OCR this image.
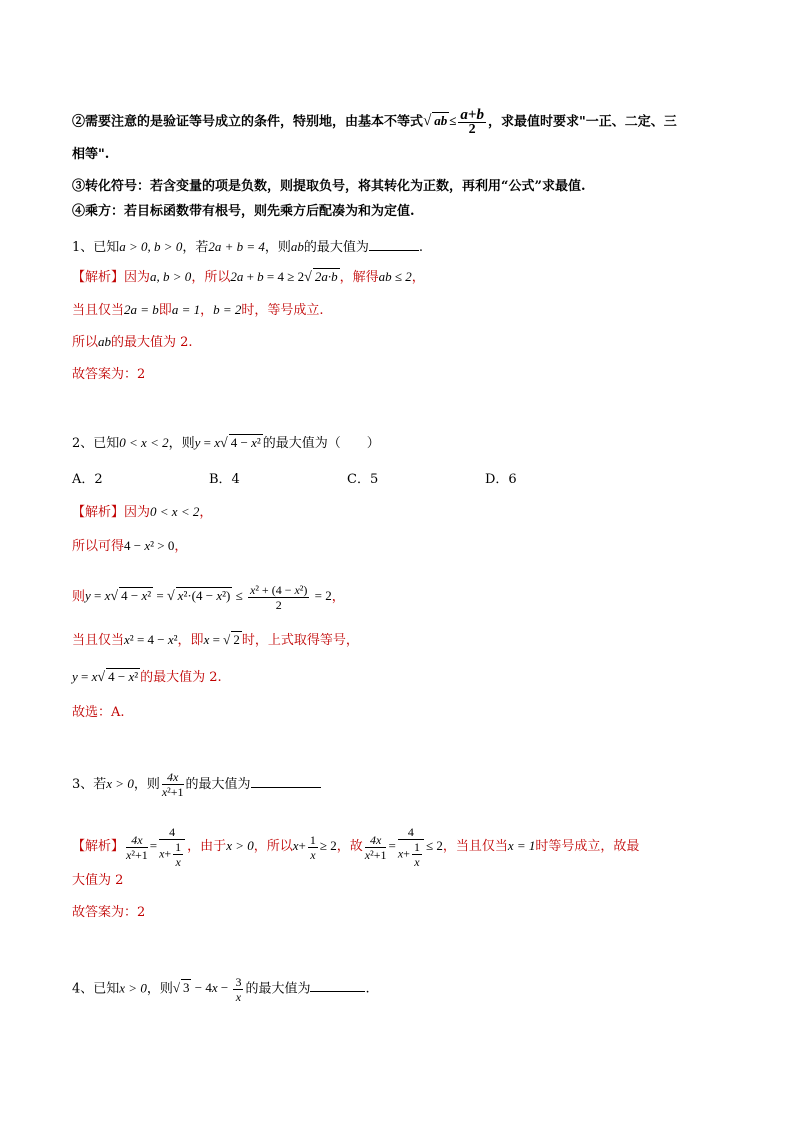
②需要注意的是验证等号成立的条件，特别地，由基本不等式√ ab ≤ $\frac{a+b}{2}$ ，求最值时要求"一正、二定、三
相等".
③转化符号：若含变量的项是负数，则提取负号，将其转化为正数，再利用“公式”求最值.
④乘方：若目标函数带有根号，则先乘方后配凑为和为定值.
1、已知a > 0, b > 0，若2a + b = 4，则ab的最大值为	.
【解析】因为a, b > 0，所以2a + b = 4 ≥ 2√ 2a·b ，解得ab ≤ 2，
当且仅当2a = b即a = 1，b = 2时，等号成立.
所以ab的最大值为 2.
故答案为：2
2、已知0 < x < 2，则y = x√ 4 − x² 的最大值为（　　）
A．2	B．4	C．5	D．6
【解析】因为0 < x < 2，
所以可得4 − x² > 0，
则y = x√ 4 − x² = √ $x^2\cdot(4 - x^2) \le \frac{\text{x² + (4 − x²)}}{2} = 2$，
当且仅当x² = 4 − x²，即x = √ 2 时，上式取得等号，
y = x√ 4 − x² 的最大值为 2.
故选：A.
3、若x > 0，则 $\frac{4x}{\text{x²+1}}$ 的最大值为
【解析】 $\frac{4x}{\text{x²+1}} = \frac{4}{x+ \frac{1}{x}}$ ，由于x > 0，所以$x+ \frac{1}{x} \ge 2$，故 $\frac{4x}{\text{x²+1}} = \frac{4}{x+ \frac{1}{x}} \le 2$，当且仅当x = 1时等号成立，故最
大值为 2
故答案为：2
4、已知x > 0，则√ $3 - 4x - \frac{3}{x}$ 的最大值为	.
